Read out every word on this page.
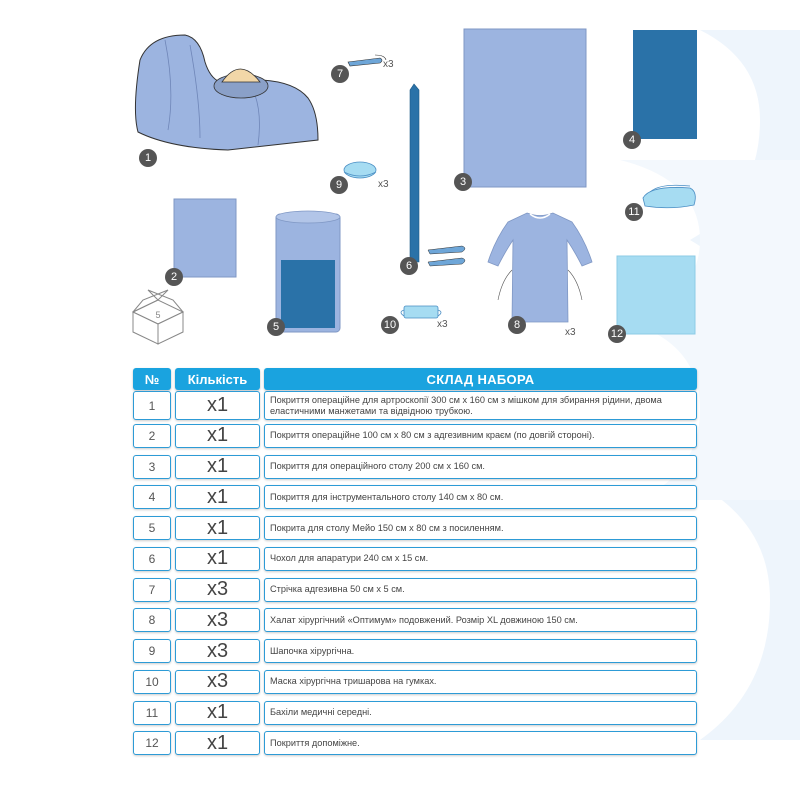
1
7
x3
9	x3	3
4
11
2
5
6
10	x3	8
x3	12
5
№	Кількість	СКЛАД НАБОРА
1	x1	Покриття операційне для артроскопії 300 см х 160 см з мішком для збирання рідини, двома еластичними манжетами та відвідною трубкою.
2	x1	Покриття операційне 100 см х 80 см з адгезивним краєм (по довгій стороні).
3	x1	Покриття для операційного столу 200 см х 160 см.
4	x1	Покриття для інструментального столу 140 см х 80 см.
5	x1	Покрита для столу Мейо 150 см х 80 см з посиленням.
6	x1	Чохол для апаратури 240 см х 15 см.
7	x3	Стрічка адгезивна 50 см х 5 см.
8	x3	Халат хірургічний «Оптимум» подовжений. Розмір XL довжиною 150 см.
9	x3	Шапочка хірургічна.
10	x3	Маска хірургічна тришарова на гумках.
11	x1	Бахіли медичні середні.
12	x1	Покриття допоміжне.
